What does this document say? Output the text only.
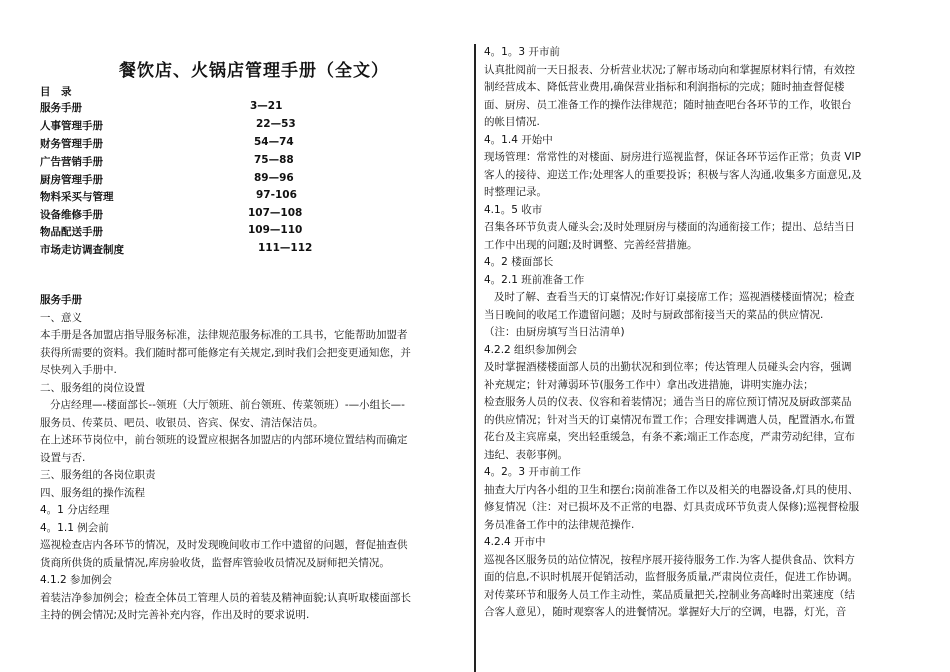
餐饮店、火锅店管理手册（全文）
目　录
服务手册	3—21
人事管理手册	22—53
财务管理手册	54—74
广告营销手册	75—88
厨房管理手册	89—96
物料采买与管理	97-106
设备维修手册	107—108
物品配送手册	109—110
市场走访调查制度	111—112

服务手册

一、意义

本手册是各加盟店指导服务标准，法律规范服务标准的工具书，它能帮助加盟者

获得所需要的资料。我们随时都可能修定有关规定,到时我们会把变更通知您，并

尽快列入手册中.

二、服务组的岗位设置

分店经理—-楼面部长--领班（大厅领班、前台领班、传菜领班）-—小组长—-

服务员、传菜员、吧员、收银员、咨宾、保安、清洁保洁员。

在上述环节岗位中，前台领班的设置应根据各加盟店的内部环境位置结构而确定

设置与否.

三、服务组的各岗位职责

四、服务组的操作流程

4。1 分店经理

4。1.1 例会前

巡视检查店内各环节的情况，及时发现晚间收市工作中遗留的问题，督促抽查供

货商所供货的质量情况,库房验收货，监督库管验收员情况及厨师把关情况。

4.1.2 参加例会

着装洁净参加例会；检查全体员工管理人员的着装及精神面貌;认真听取楼面部长

主持的例会情况;及时完善补充内容，作出及时的要求说明.

4。1。3 开市前

认真批阅前一天日报表、分析营业状况;了解市场动向和掌握原材料行情，有效控

制经营成本、降低营业费用,确保营业指标和利润指标的完成；随时抽查督促楼

面、厨房、员工准备工作的操作法律规范；随时抽查吧台各环节的工作，收银台

的帐目情况.

4。1.4 开始中

现场管理：常常性的对楼面、厨房进行巡视监督，保证各环节运作正常；负责 VIP

客人的接待、迎送工作;处理客人的重要投诉；积极与客人沟通,收集多方面意见,及

时整理记录。

4.1。5 收市

召集各环节负责人碰头会;及时处理厨房与楼面的沟通衔接工作；提出、总结当日

工作中出现的问题;及时调整、完善经营措施。

4。2 楼面部长

4。2.1 班前准备工作

及时了解、查看当天的订桌情况;作好订桌接席工作；巡视酒楼楼面情况；检查

当日晚间的收尾工作遗留问题；及时与厨政部衔接当天的菜品的供应情况.

（注：由厨房填写当日沽清单)

4.2.2 组织参加例会

及时掌握酒楼楼面部人员的出勤状况和到位率；传达管理人员碰头会内容，强调

补充规定；针对薄弱环节(服务工作中）拿出改进措施，讲明实施办法；

检查服务人员的仪表、仪容和着装情况；通告当日的席位预订情况及厨政部菜品

的供应情况；针对当天的订桌情况布置工作；合理安排调遣人员，配置酒水,布置

花台及主宾席桌，突出轻重缓急，有条不紊;端正工作态度，严肃劳动纪律，宣布

违纪、表彰事例。

4。2。3 开市前工作

抽查大厅内各小组的卫生和摆台;岗前准备工作以及相关的电器设备,灯具的使用、

修复情况（注：对已损坏及不正常的电器、灯具责成环节负责人保修);巡视督检服

务员准备工作中的法律规范操作.

4.2.4 开市中

巡视各区服务员的站位情况，按程序展开接待服务工作.为客人提供食品、饮料方

面的信息,不识时机展开促销活动，监督服务质量,严肃岗位责任，促进工作协调。

对传菜环节和服务人员工作主动性，菜品质量把关,控制业务高峰时出菜速度（结

合客人意见），随时观察客人的进餐情况。掌握好大厅的空调，电器，灯光，音
